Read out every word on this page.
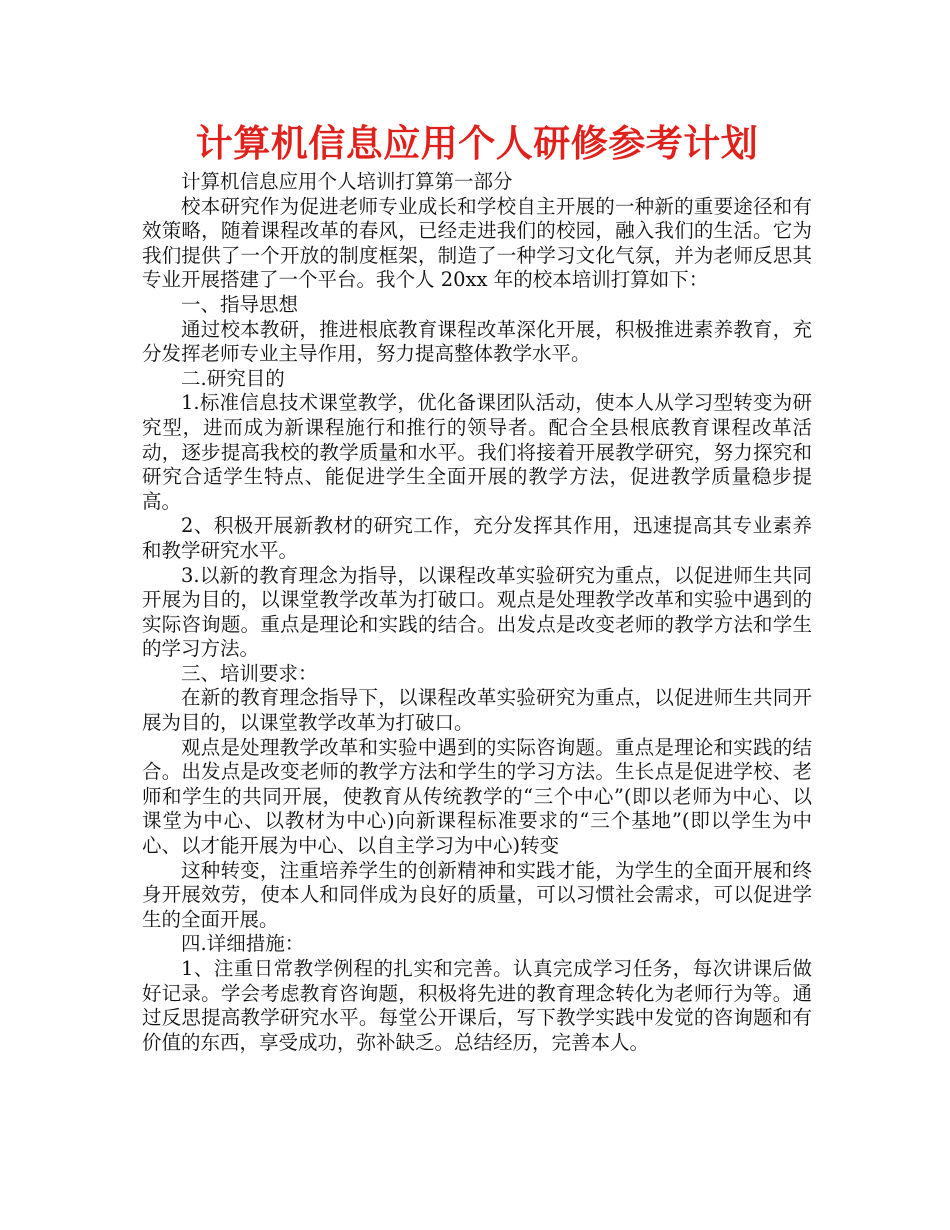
计算机信息应用个人研修参考计划

计算机信息应用个人培训打算第一部分

校本研究作为促进老师专业成长和学校自主开展的一种新的重要途径和有效策略，随着课程改革的春风，已经走进我们的校园，融入我们的生活。它为我们提供了一个开放的制度框架，制造了一种学习文化气氛，并为老师反思其专业开展搭建了一个平台。我个人 20xx 年的校本培训打算如下：

一、指导思想

通过校本教研，推进根底教育课程改革深化开展，积极推进素养教育，充分发挥老师专业主导作用，努力提高整体教学水平。

二.研究目的

1.标准信息技术课堂教学，优化备课团队活动，使本人从学习型转变为研究型，进而成为新课程施行和推行的领导者。配合全县根底教育课程改革活动，逐步提高我校的教学质量和水平。我们将接着开展教学研究，努力探究和研究合适学生特点、能促进学生全面开展的教学方法，促进教学质量稳步提高。

2、积极开展新教材的研究工作，充分发挥其作用，迅速提高其专业素养和教学研究水平。

3.以新的教育理念为指导，以课程改革实验研究为重点，以促进师生共同开展为目的，以课堂教学改革为打破口。观点是处理教学改革和实验中遇到的实际咨询题。重点是理论和实践的结合。出发点是改变老师的教学方法和学生的学习方法。

三、培训要求：

在新的教育理念指导下，以课程改革实验研究为重点，以促进师生共同开展为目的，以课堂教学改革为打破口。

观点是处理教学改革和实验中遇到的实际咨询题。重点是理论和实践的结合。出发点是改变老师的教学方法和学生的学习方法。生长点是促进学校、老师和学生的共同开展，使教育从传统教学的“三个中心”(即以老师为中心、以课堂为中心、以教材为中心)向新课程标准要求的“三个基地”(即以学生为中心、以才能开展为中心、以自主学习为中心)转变

这种转变，注重培养学生的创新精神和实践才能，为学生的全面开展和终身开展效劳，使本人和同伴成为良好的质量，可以习惯社会需求，可以促进学生的全面开展。

四.详细措施：

1、注重日常教学例程的扎实和完善。认真完成学习任务，每次讲课后做好记录。学会考虑教育咨询题，积极将先进的教育理念转化为老师行为等。通过反思提高教学研究水平。每堂公开课后，写下教学实践中发觉的咨询题和有价值的东西，享受成功，弥补缺乏。总结经历，完善本人。
